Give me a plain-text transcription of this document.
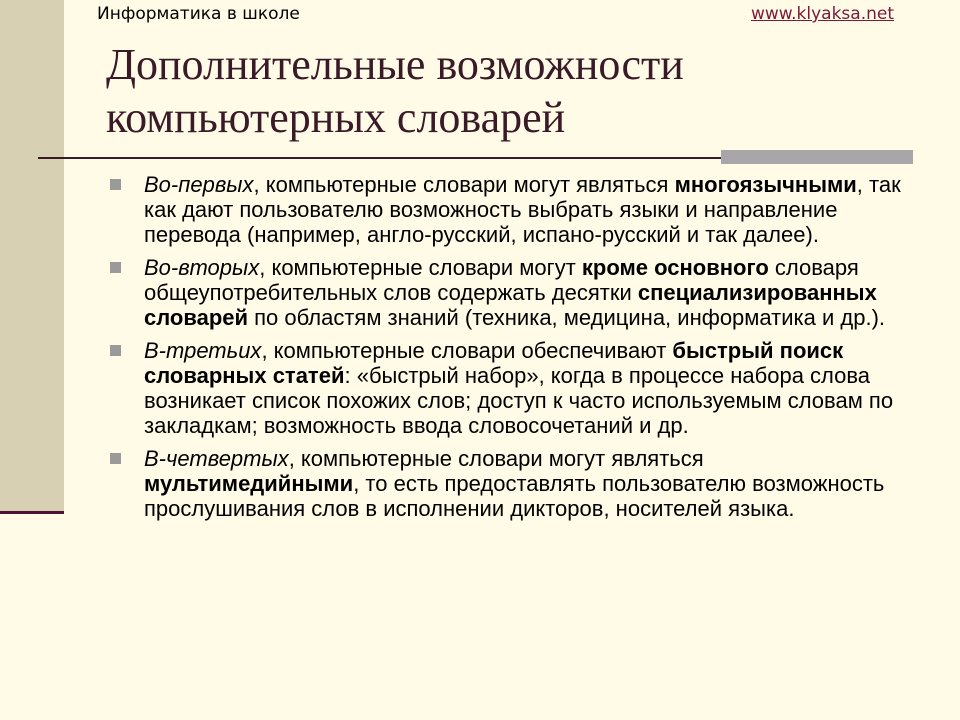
Информатика в школе	www.klyaksa.net
Дополнительные возможности компьютерных словарей
Во-первых, компьютерные словари могут являться многоязычными, так как дают пользователю возможность выбрать языки и направление перевода (например, англо-русский, испано-русский и так далее).
Во-вторых, компьютерные словари могут кроме основного словаря общеупотребительных слов содержать десятки специализированных словарей по областям знаний (техника, медицина, информатика и др.).
В-третьих, компьютерные словари обеспечивают быстрый поиск словарных статей: «быстрый набор», когда в процессе набора слова возникает список похожих слов; доступ к часто используемым словам по закладкам; возможность ввода словосочетаний и др.
В-четвертых, компьютерные словари могут являться мультимедийными, то есть предоставлять пользователю возможность прослушивания слов в исполнении дикторов, носителей языка.
